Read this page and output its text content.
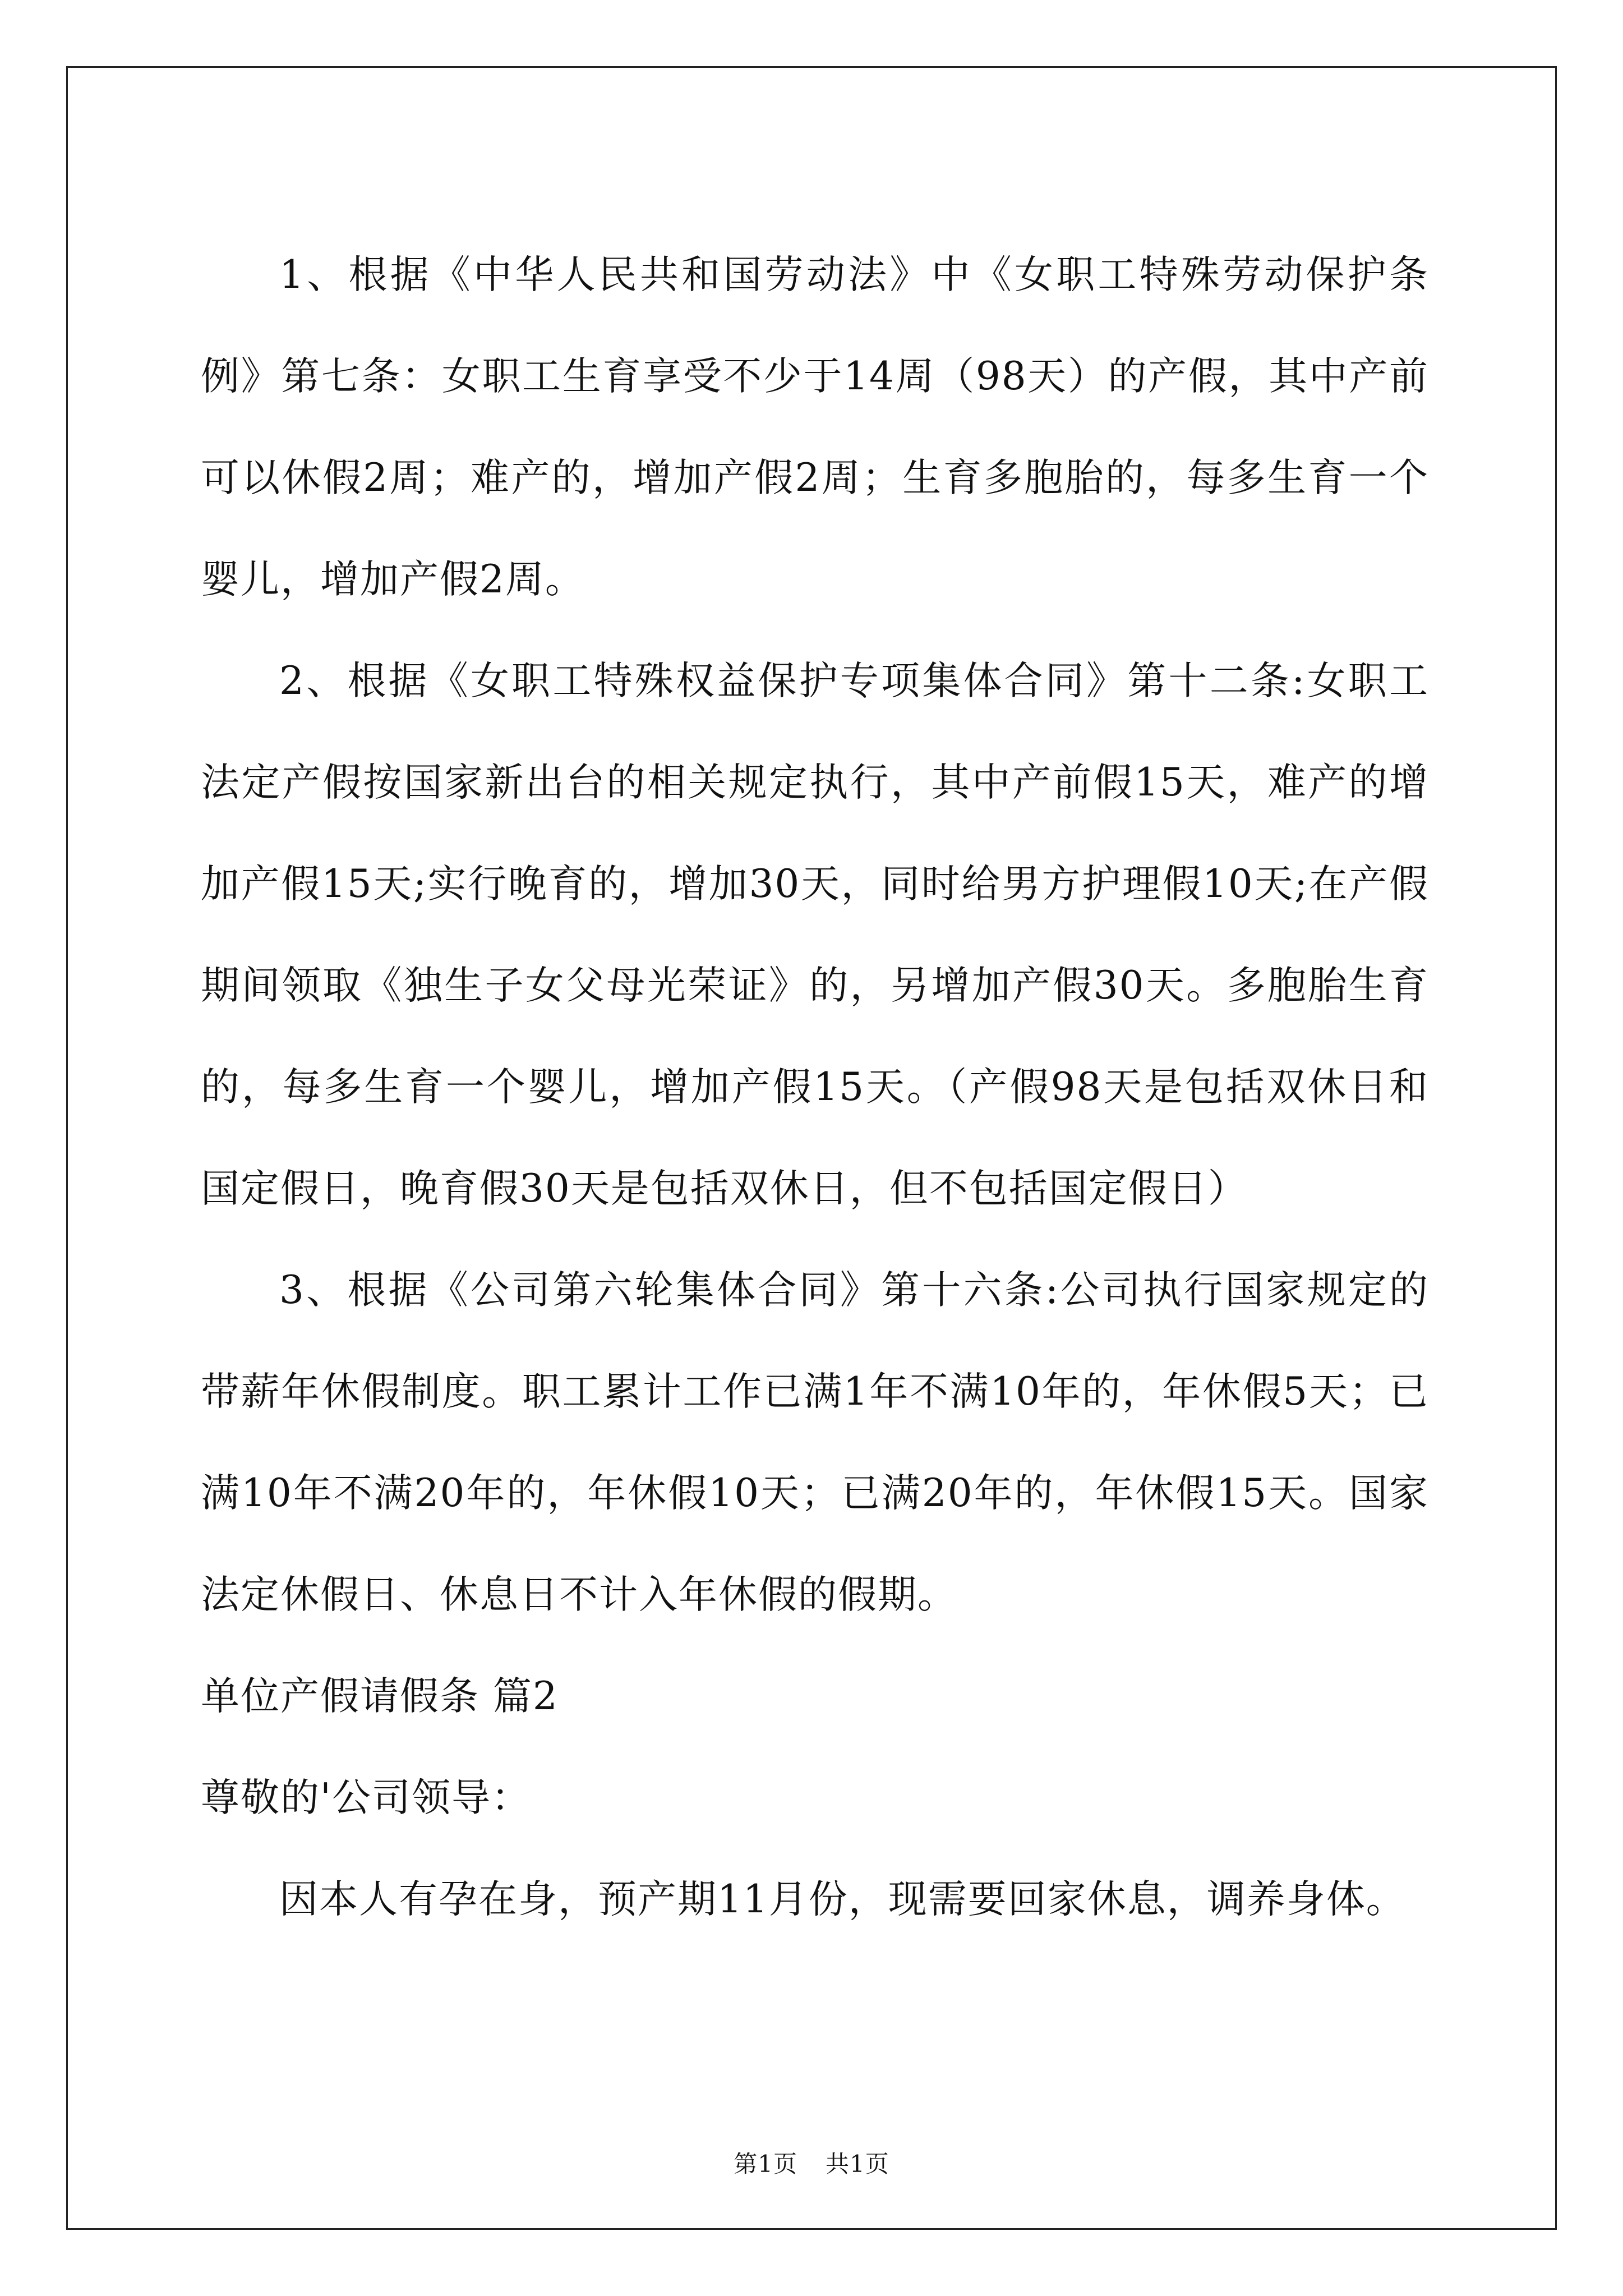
1、根据《中华人民共和国劳动法》中《女职工特殊劳动保护条例》第七条：女职工生育享受不少于14周（98天）的产假，其中产前可以休假2周；难产的，增加产假2周；生育多胞胎的，每多生育一个婴儿，增加产假2周。

2、根据《女职工特殊权益保护专项集体合同》第十二条:女职工法定产假按国家新出台的相关规定执行，其中产前假15天，难产的增加产假15天;实行晚育的，增加30天，同时给男方护理假10天;在产假期间领取《独生子女父母光荣证》的，另增加产假30天。多胞胎生育的，每多生育一个婴儿，增加产假15天。（产假98天是包括双休日和国定假日，晚育假30天是包括双休日，但不包括国定假日）

3、根据《公司第六轮集体合同》第十六条:公司执行国家规定的带薪年休假制度。职工累计工作已满1年不满10年的，年休假5天；已满10年不满20年的，年休假10天；已满20年的，年休假15天。国家法定休假日、休息日不计入年休假的假期。

单位产假请假条 篇2

尊敬的'公司领导：

因本人有孕在身，预产期11月份，现需要回家休息，调养身体。

第1页 共1页
